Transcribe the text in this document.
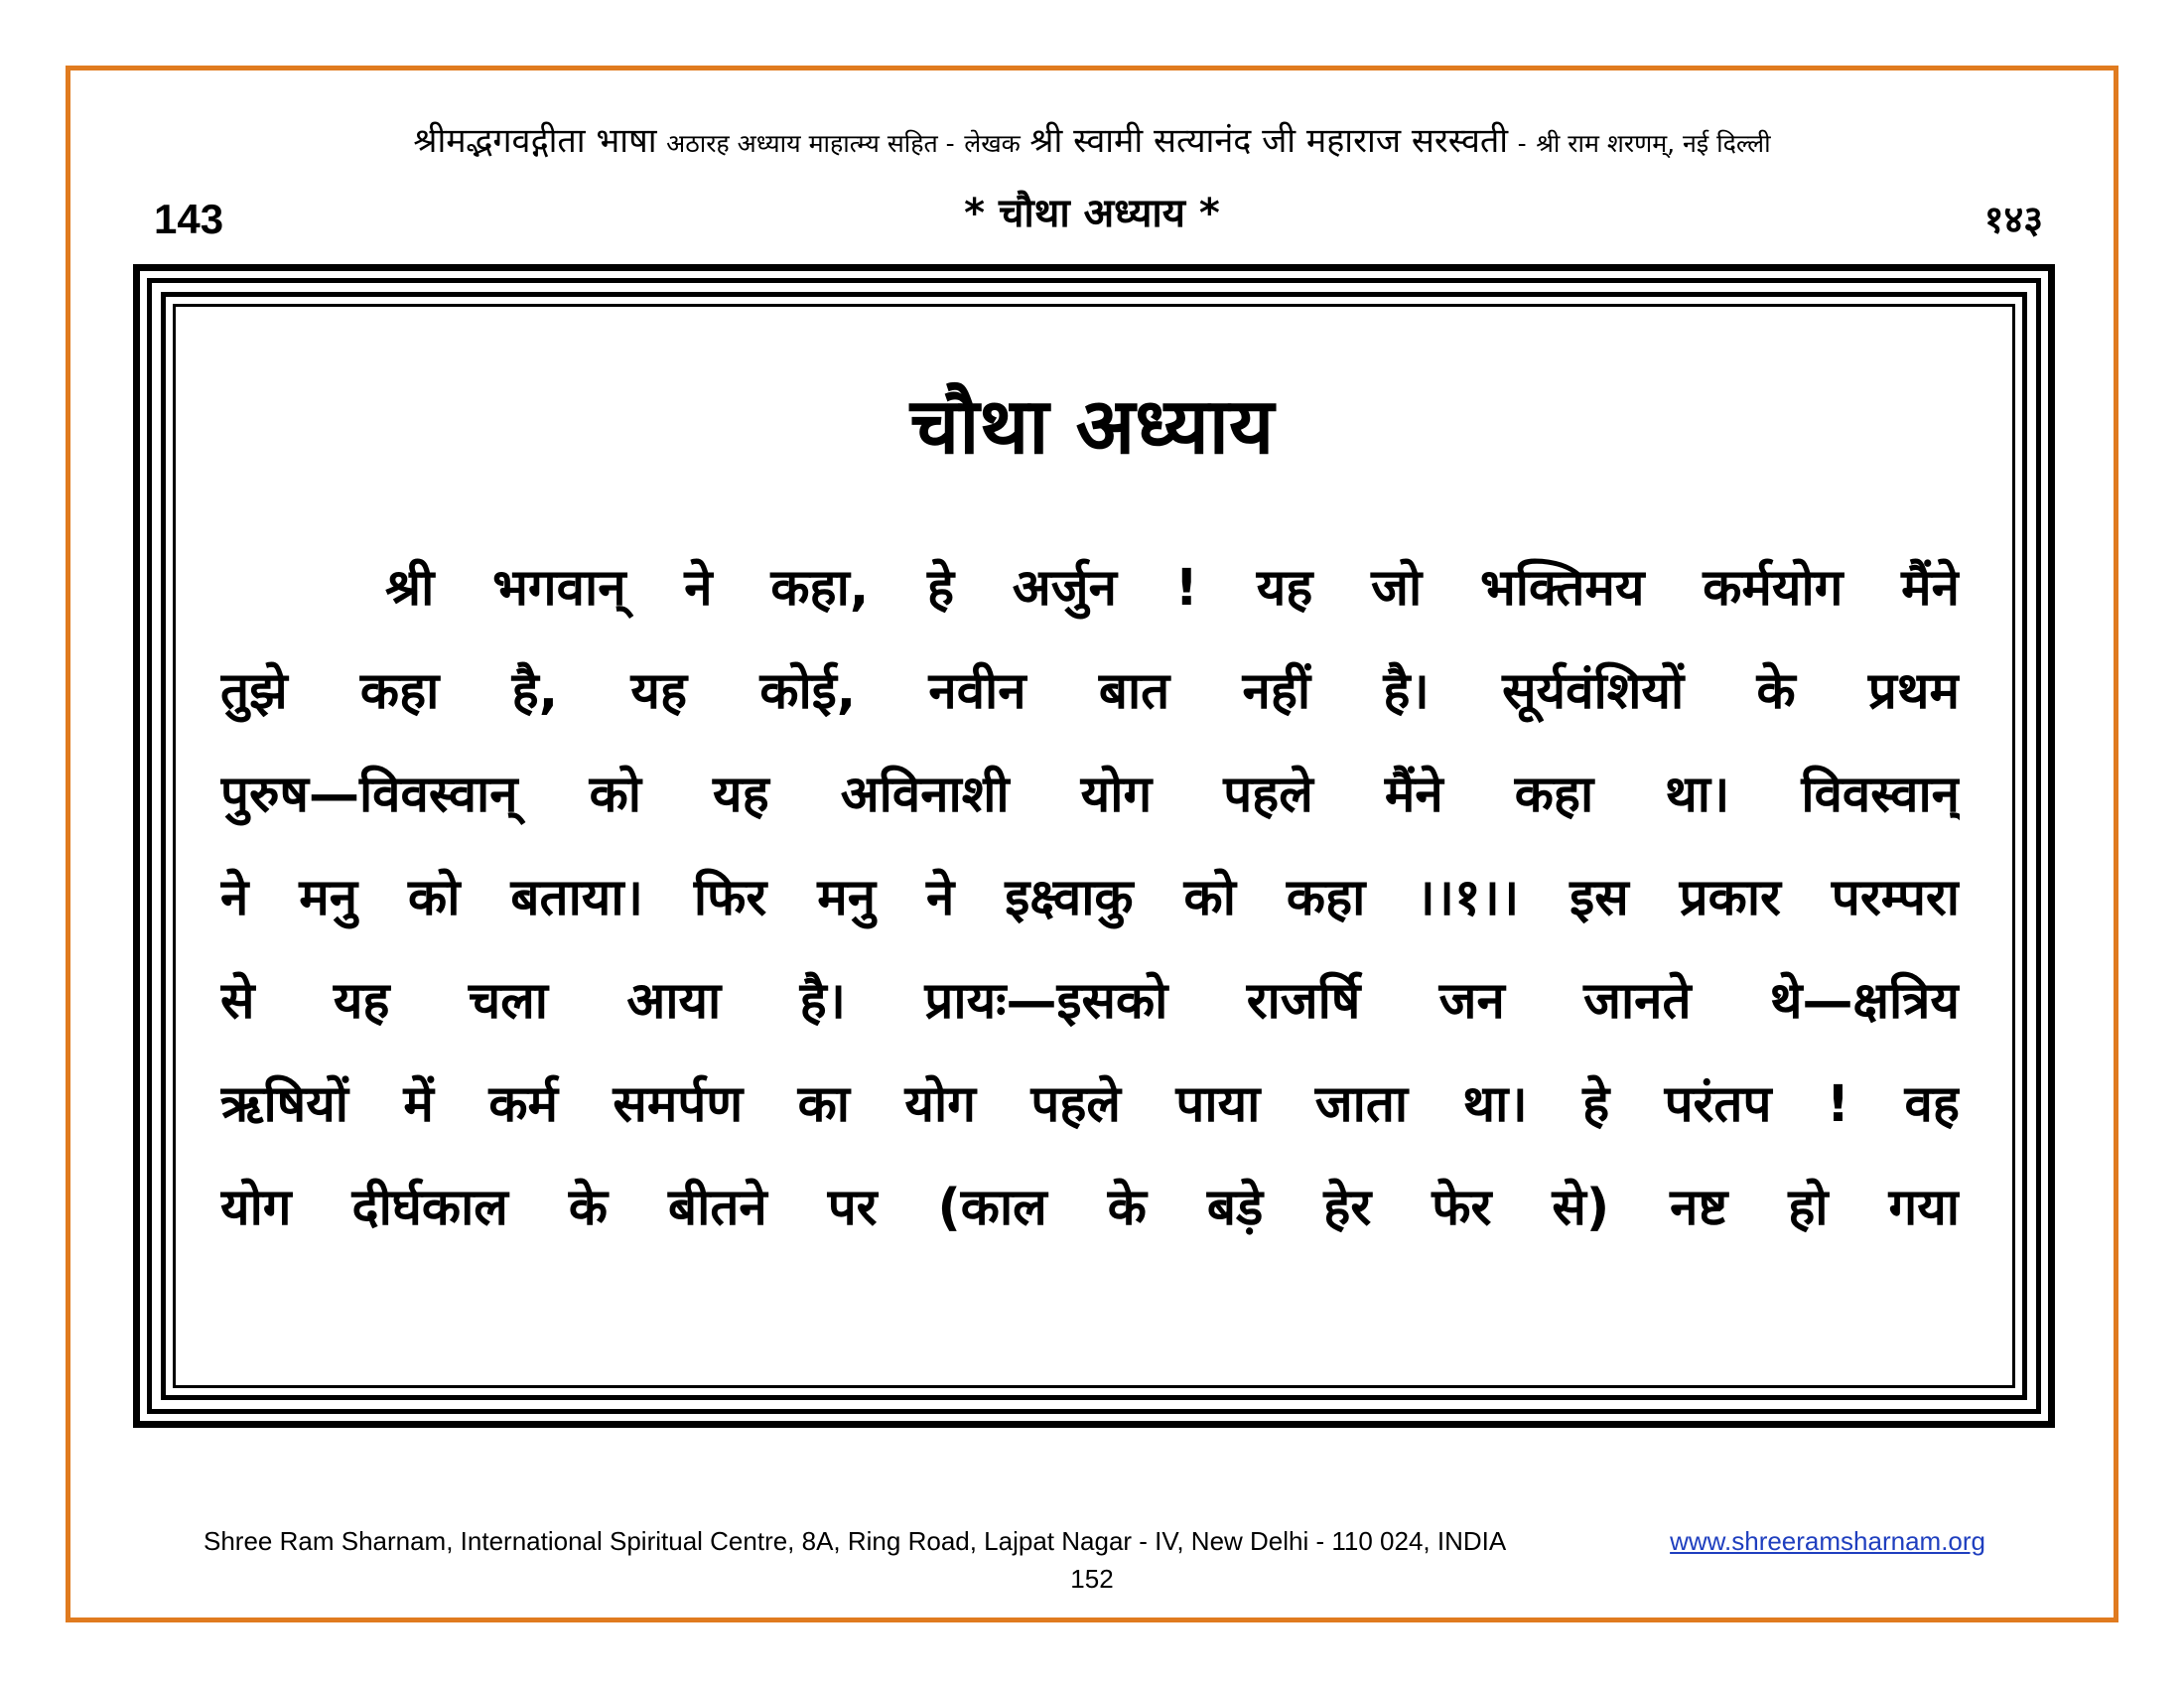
श्रीमद्भगवद्गीता भाषा अठारह अध्याय माहात्म्य सहित - लेखक श्री स्वामी सत्यानंद जी महाराज सरस्वती - श्री राम शरणम्, नई दिल्ली
143	* चौथा अध्याय *	१४३
चौथा अध्याय
श्री भगवान् ने कहा, हे अर्जुन ! यह जो भक्तिमय कर्मयोग मैंने
तुझे कहा है, यह कोई, नवीन बात नहीं है। सूर्यवंशियों के प्रथम
पुरुष—विवस्वान् को यह अविनाशी योग पहले मैंने कहा था। विवस्वान्
ने मनु को बताया। फिर मनु ने इक्ष्वाकु को कहा ।।१।। इस प्रकार परम्परा
से यह चला आया है। प्रायः—इसको राजर्षि जन जानते थे—क्षत्रिय
ऋषियों में कर्म समर्पण का योग पहले पाया जाता था। हे परंतप ! वह
योग दीर्घकाल के बीतने पर (काल के बड़े हेर फेर से) नष्ट हो गया
Shree Ram Sharnam, International Spiritual Centre, 8A, Ring Road, Lajpat Nagar - IV, New Delhi - 110 024, INDIA	www.shreeramsharnam.org
152
